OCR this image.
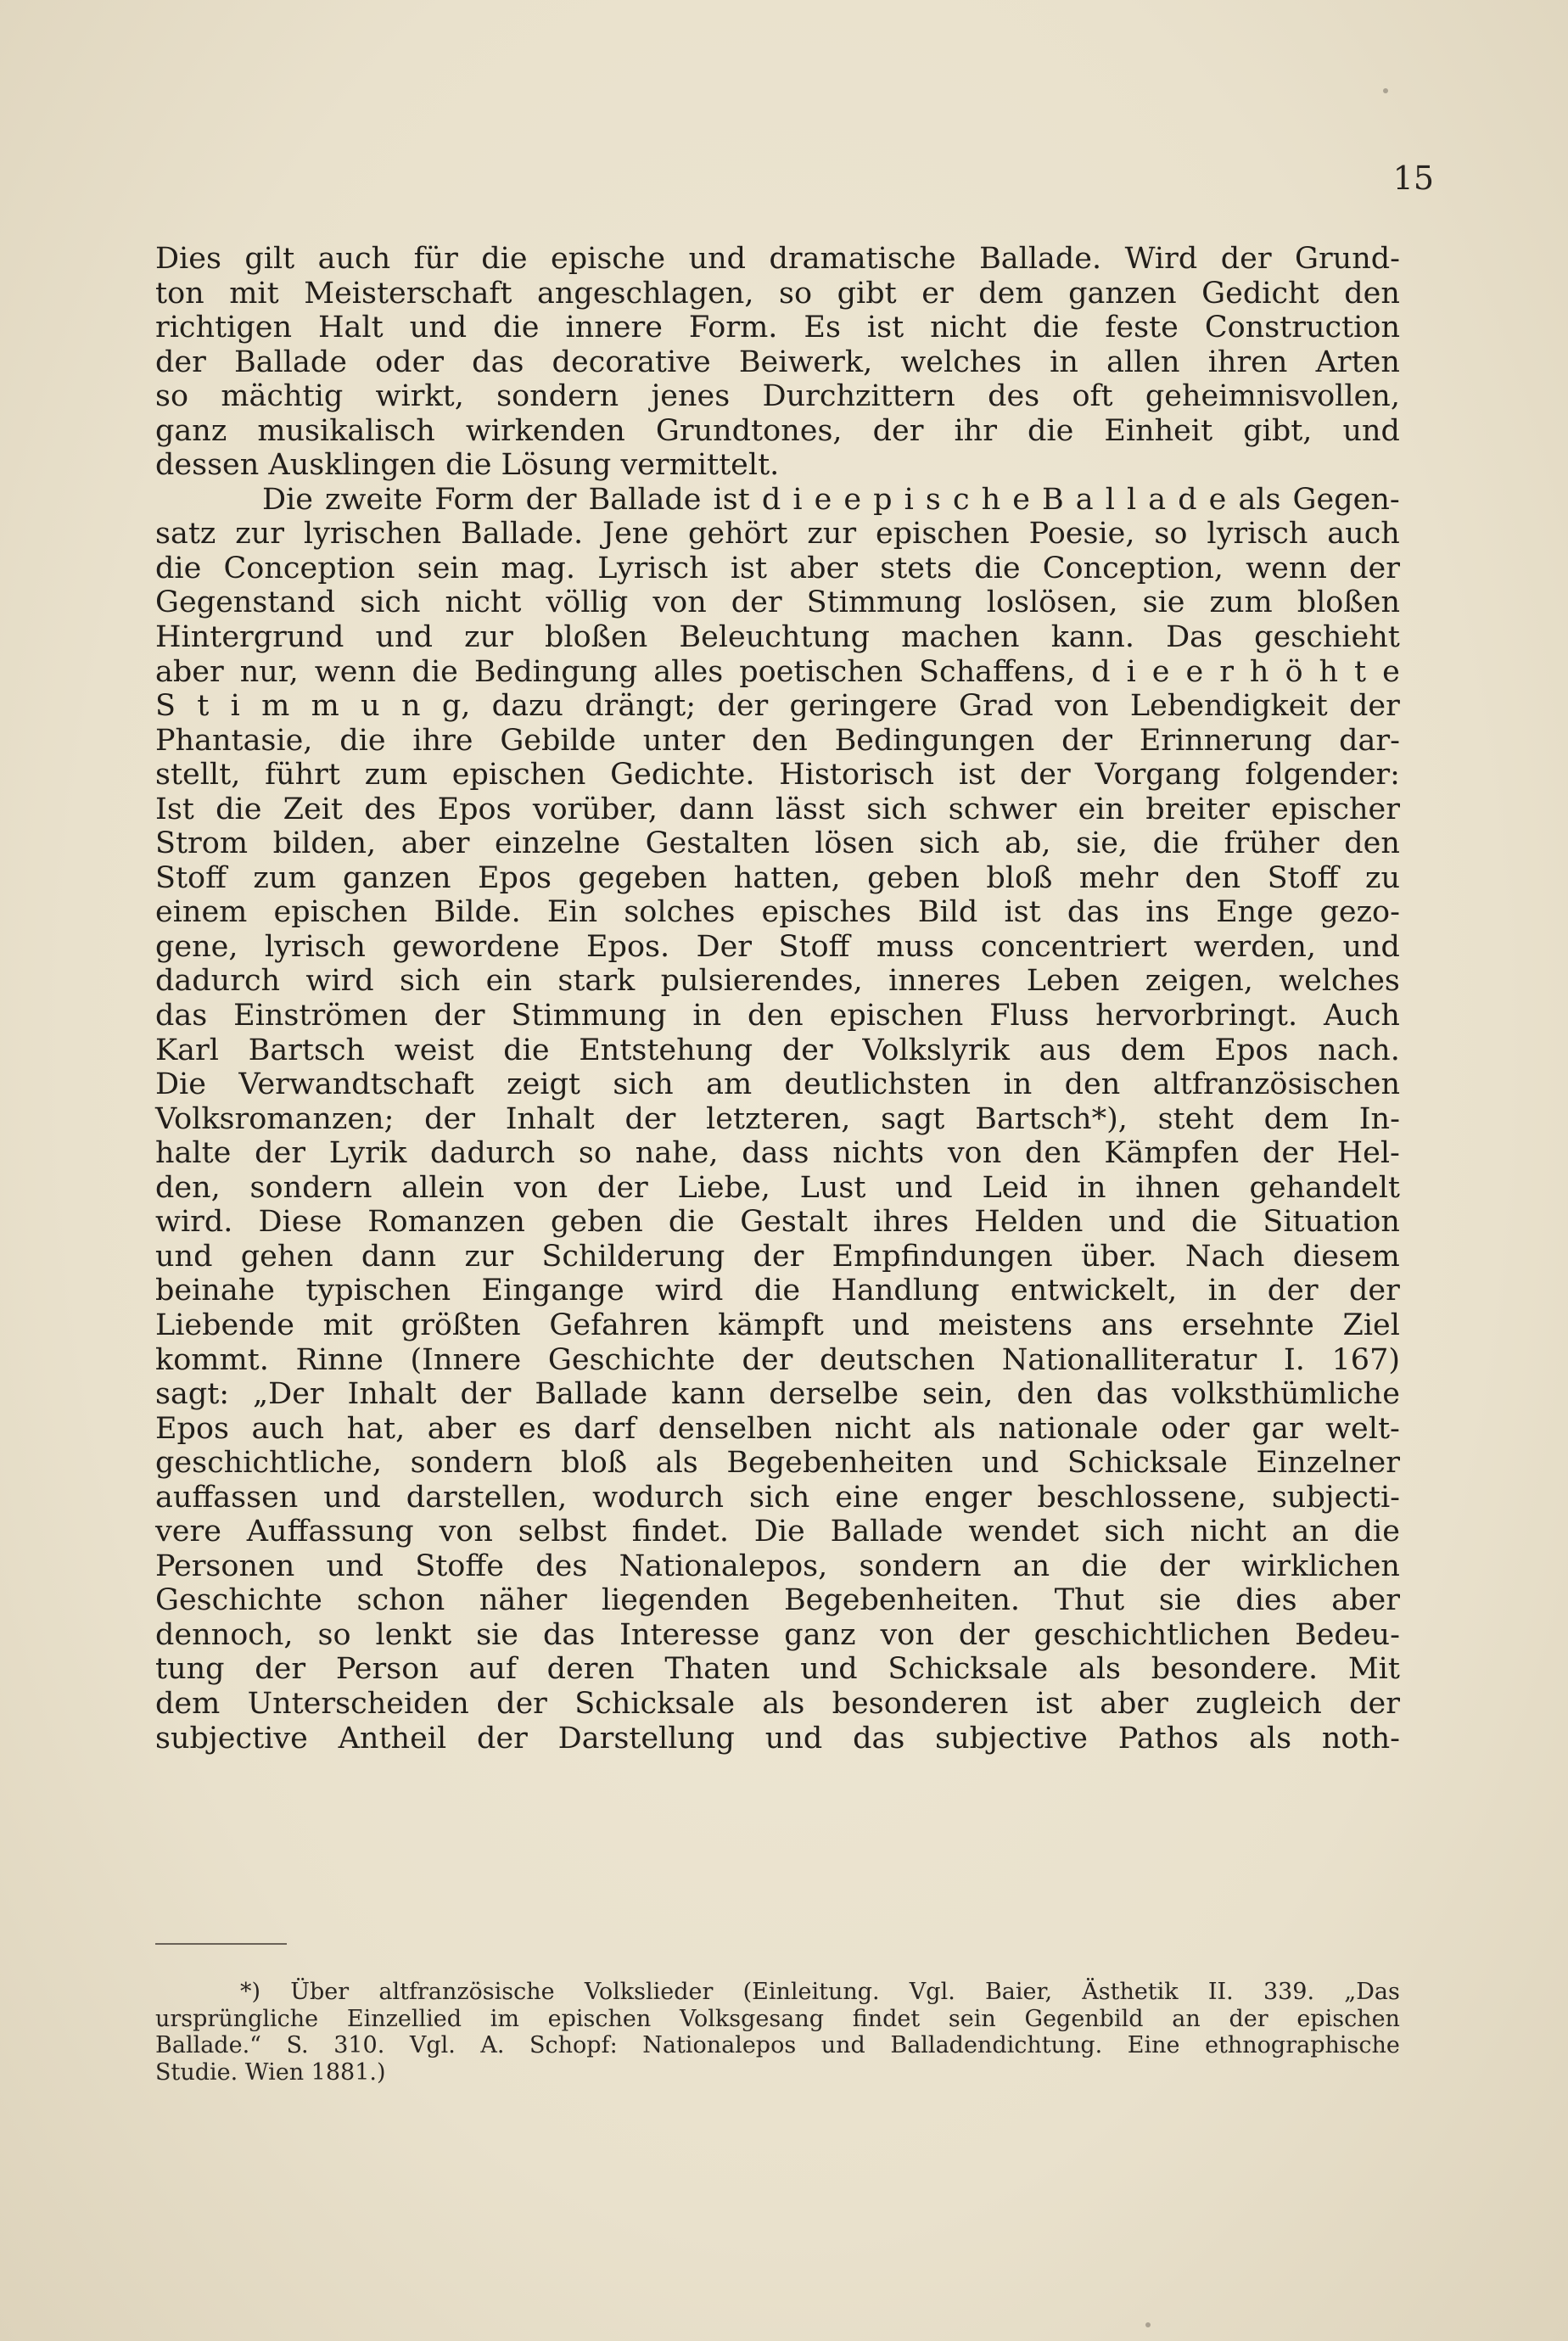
15
Dies gilt auch für die epische und dramatische Ballade. Wird der Grund-
ton mit Meisterschaft angeschlagen, so gibt er dem ganzen Gedicht den
richtigen Halt und die innere Form. Es ist nicht die feste Construction
der Ballade oder das decorative Beiwerk, welches in allen ihren Arten
so mächtig wirkt, sondern jenes Durchzittern des oft geheimnisvollen,
ganz musikalisch wirkenden Grundtones, der ihr die Einheit gibt, und
dessen Ausklingen die Lösung vermittelt.
Die zweite Form der Ballade ist d i e e p i s c h e B a l l a d e als Gegen-
satz zur lyrischen Ballade. Jene gehört zur epischen Poesie, so lyrisch auch
die Conception sein mag. Lyrisch ist aber stets die Conception, wenn der
Gegenstand sich nicht völlig von der Stimmung loslösen, sie zum bloßen
Hintergrund und zur bloßen Beleuchtung machen kann. Das geschieht
aber nur, wenn die Bedingung alles poetischen Schaffens, d i e e r h ö h t e
S t i m m u n g, dazu drängt; der geringere Grad von Lebendigkeit der
Phantasie, die ihre Gebilde unter den Bedingungen der Erinnerung dar-
stellt, führt zum epischen Gedichte. Historisch ist der Vorgang folgender:
Ist die Zeit des Epos vorüber, dann lässt sich schwer ein breiter epischer
Strom bilden, aber einzelne Gestalten lösen sich ab, sie, die früher den
Stoff zum ganzen Epos gegeben hatten, geben bloß mehr den Stoff zu
einem epischen Bilde. Ein solches episches Bild ist das ins Enge gezo-
gene, lyrisch gewordene Epos. Der Stoff muss concentriert werden, und
dadurch wird sich ein stark pulsierendes, inneres Leben zeigen, welches
das Einströmen der Stimmung in den epischen Fluss hervorbringt. Auch
Karl Bartsch weist die Entstehung der Volkslyrik aus dem Epos nach.
Die Verwandtschaft zeigt sich am deutlichsten in den altfranzösischen
Volksromanzen; der Inhalt der letzteren, sagt Bartsch*), steht dem In-
halte der Lyrik dadurch so nahe, dass nichts von den Kämpfen der Hel-
den, sondern allein von der Liebe, Lust und Leid in ihnen gehandelt
wird. Diese Romanzen geben die Gestalt ihres Helden und die Situation
und gehen dann zur Schilderung der Empfindungen über. Nach diesem
beinahe typischen Eingange wird die Handlung entwickelt, in der der
Liebende mit größten Gefahren kämpft und meistens ans ersehnte Ziel
kommt. Rinne (Innere Geschichte der deutschen Nationalliteratur I. 167)
sagt: „Der Inhalt der Ballade kann derselbe sein, den das volksthümliche
Epos auch hat, aber es darf denselben nicht als nationale oder gar welt-
geschichtliche, sondern bloß als Begebenheiten und Schicksale Einzelner
auffassen und darstellen, wodurch sich eine enger beschlossene, subjecti-
vere Auffassung von selbst findet. Die Ballade wendet sich nicht an die
Personen und Stoffe des Nationalepos, sondern an die der wirklichen
Geschichte schon näher liegenden Begebenheiten. Thut sie dies aber
dennoch, so lenkt sie das Interesse ganz von der geschichtlichen Bedeu-
tung der Person auf deren Thaten und Schicksale als besondere. Mit
dem Unterscheiden der Schicksale als besonderen ist aber zugleich der
subjective Antheil der Darstellung und das subjective Pathos als noth-
*) Über altfranzösische Volkslieder (Einleitung. Vgl. Baier, Ästhetik II. 339. „Das
ursprüngliche Einzellied im epischen Volksgesang findet sein Gegenbild an der epischen
Ballade.“ S. 310. Vgl. A. Schopf: Nationalepos und Balladendichtung. Eine ethnographische
Studie. Wien 1881.)
